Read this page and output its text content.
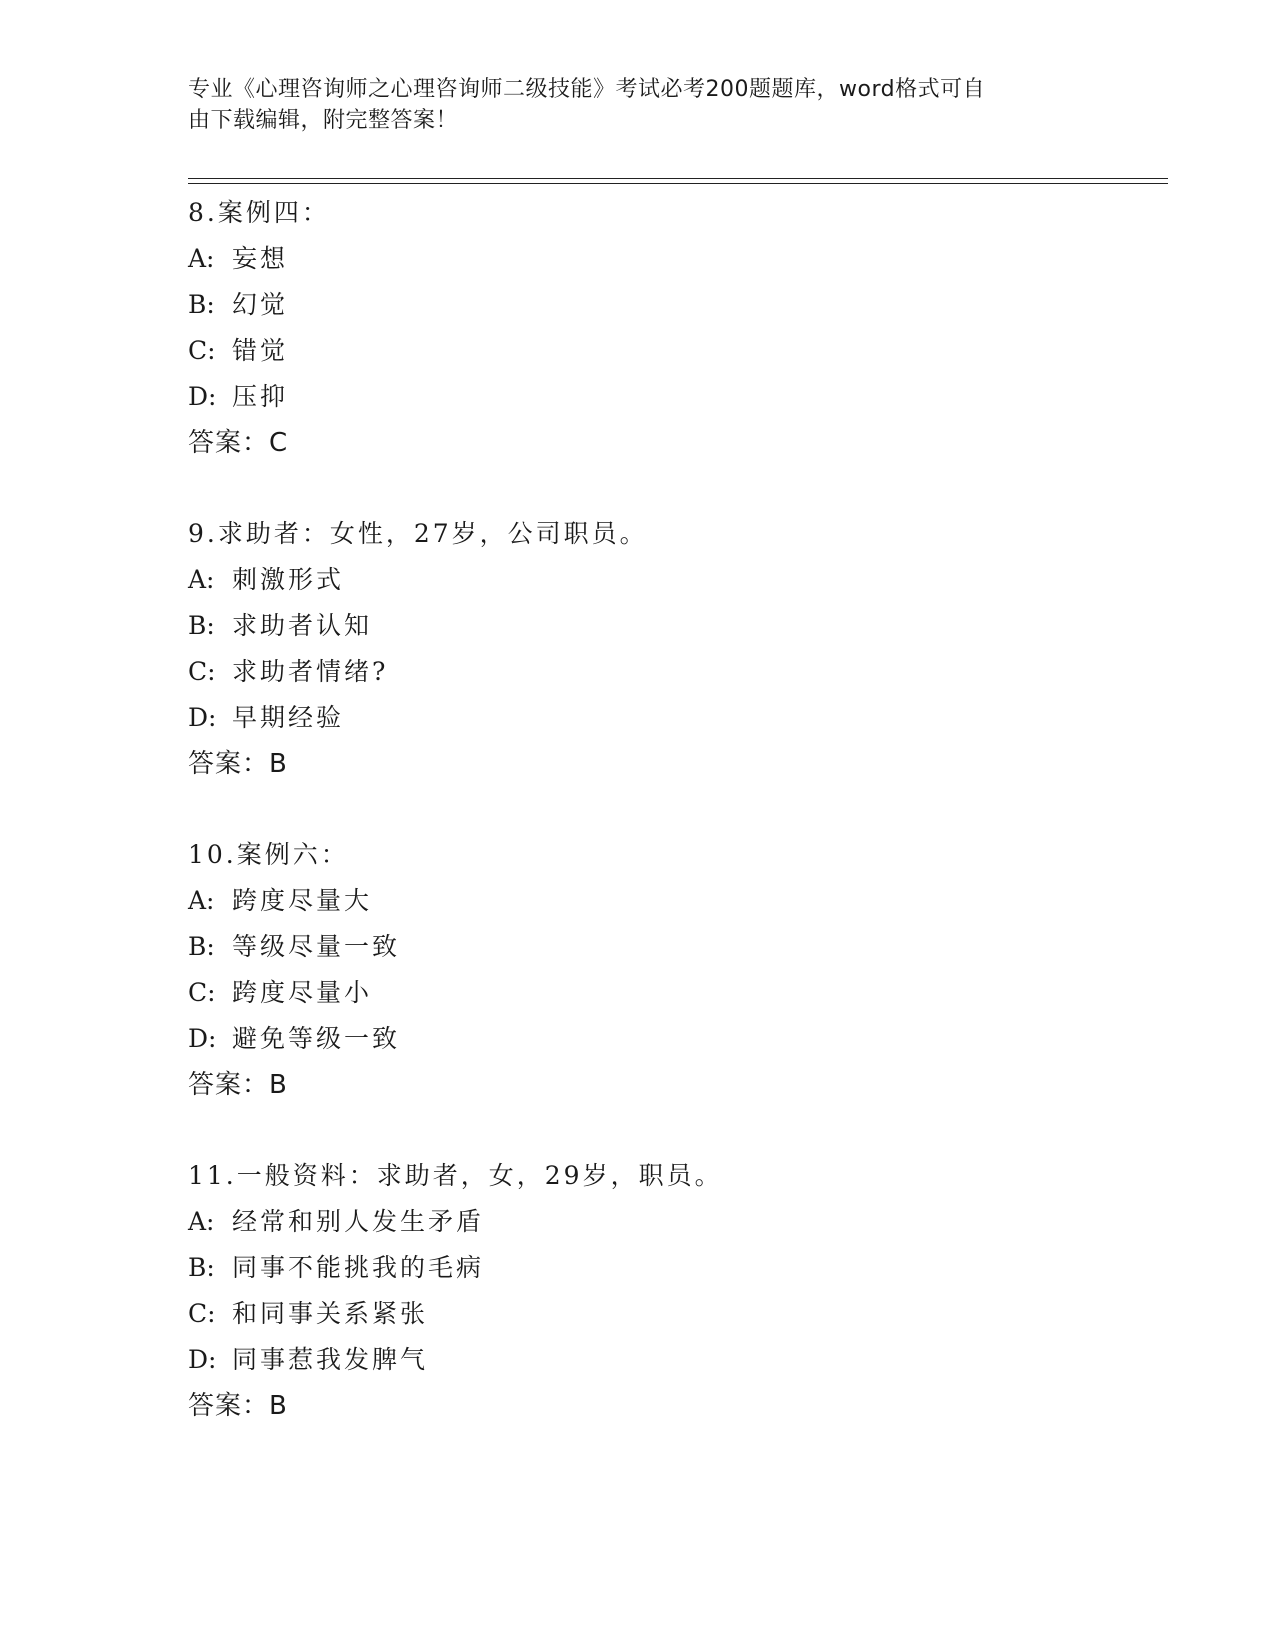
专业《心理咨询师之心理咨询师二级技能》考试必考200题题库，word格式可自
由下载编辑，附完整答案！
8.案例四：
A: 妄想
B: 幻觉
C: 错觉
D: 压抑
答案：C
9.求助者：女性，27岁，公司职员。
A: 刺激形式
B: 求助者认知
C: 求助者情绪?
D: 早期经验
答案：B
10.案例六：
A: 跨度尽量大
B: 等级尽量一致
C: 跨度尽量小
D: 避免等级一致
答案：B
11.一般资料：求助者，女，29岁，职员。
A: 经常和别人发生矛盾
B: 同事不能挑我的毛病
C: 和同事关系紧张
D: 同事惹我发脾气
答案：B
